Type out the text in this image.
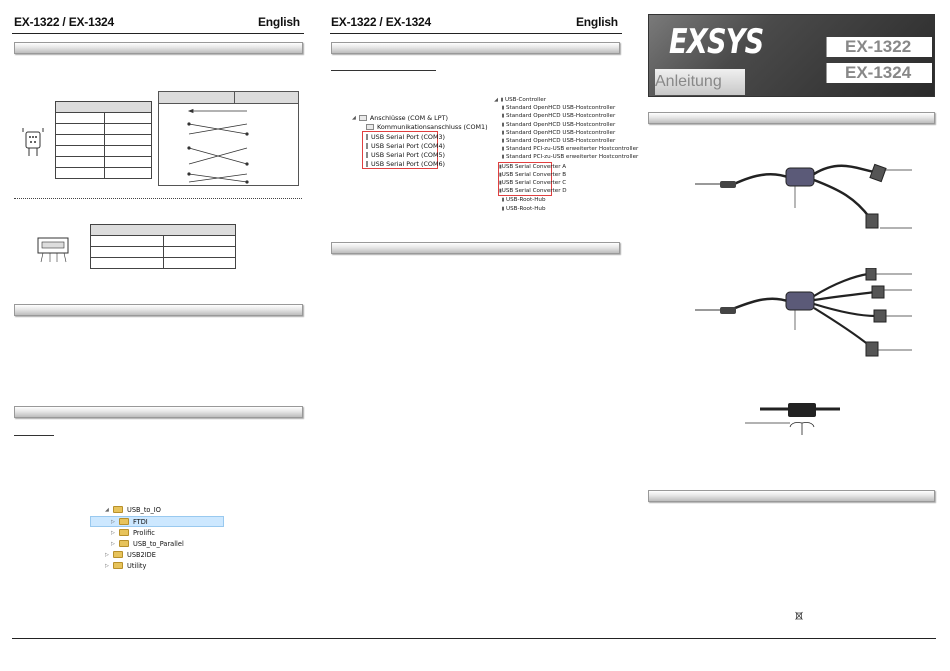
EX-1322 / EX-1324	English

◢	USB_to_IO
▷	FTDI
▷	Prolific
▷	USB_to_Parallel
▷	USB2IDE
▷	Utility
EX-1322 / EX-1324	English
◢ Anschlüsse (COM & LPT)
Kommunikationsanschluss (COM1)
USB Serial Port (COM3)
USB Serial Port (COM4)
USB Serial Port (COM5)
USB Serial Port (COM6)
◢ ▮ USB-Controller
▮ Standard OpenHCD USB-Hostcontroller
▮ Standard OpenHCD USB-Hostcontroller
▮ Standard OpenHCD USB-Hostcontroller
▮ Standard OpenHCD USB-Hostcontroller
▮ Standard OpenHCD USB-Hostcontroller
▮ Standard PCI-zu-USB erweiterter Hostcontroller
▮ Standard PCI-zu-USB erweiterter Hostcontroller
▮ USB Serial Converter A
▮ USB Serial Converter B
▮ USB Serial Converter C
▮ USB Serial Converter D
▮ USB-Root-Hub
▮ USB-Root-Hub
EXSYS
Anleitung
EX-1322
EX-1324
